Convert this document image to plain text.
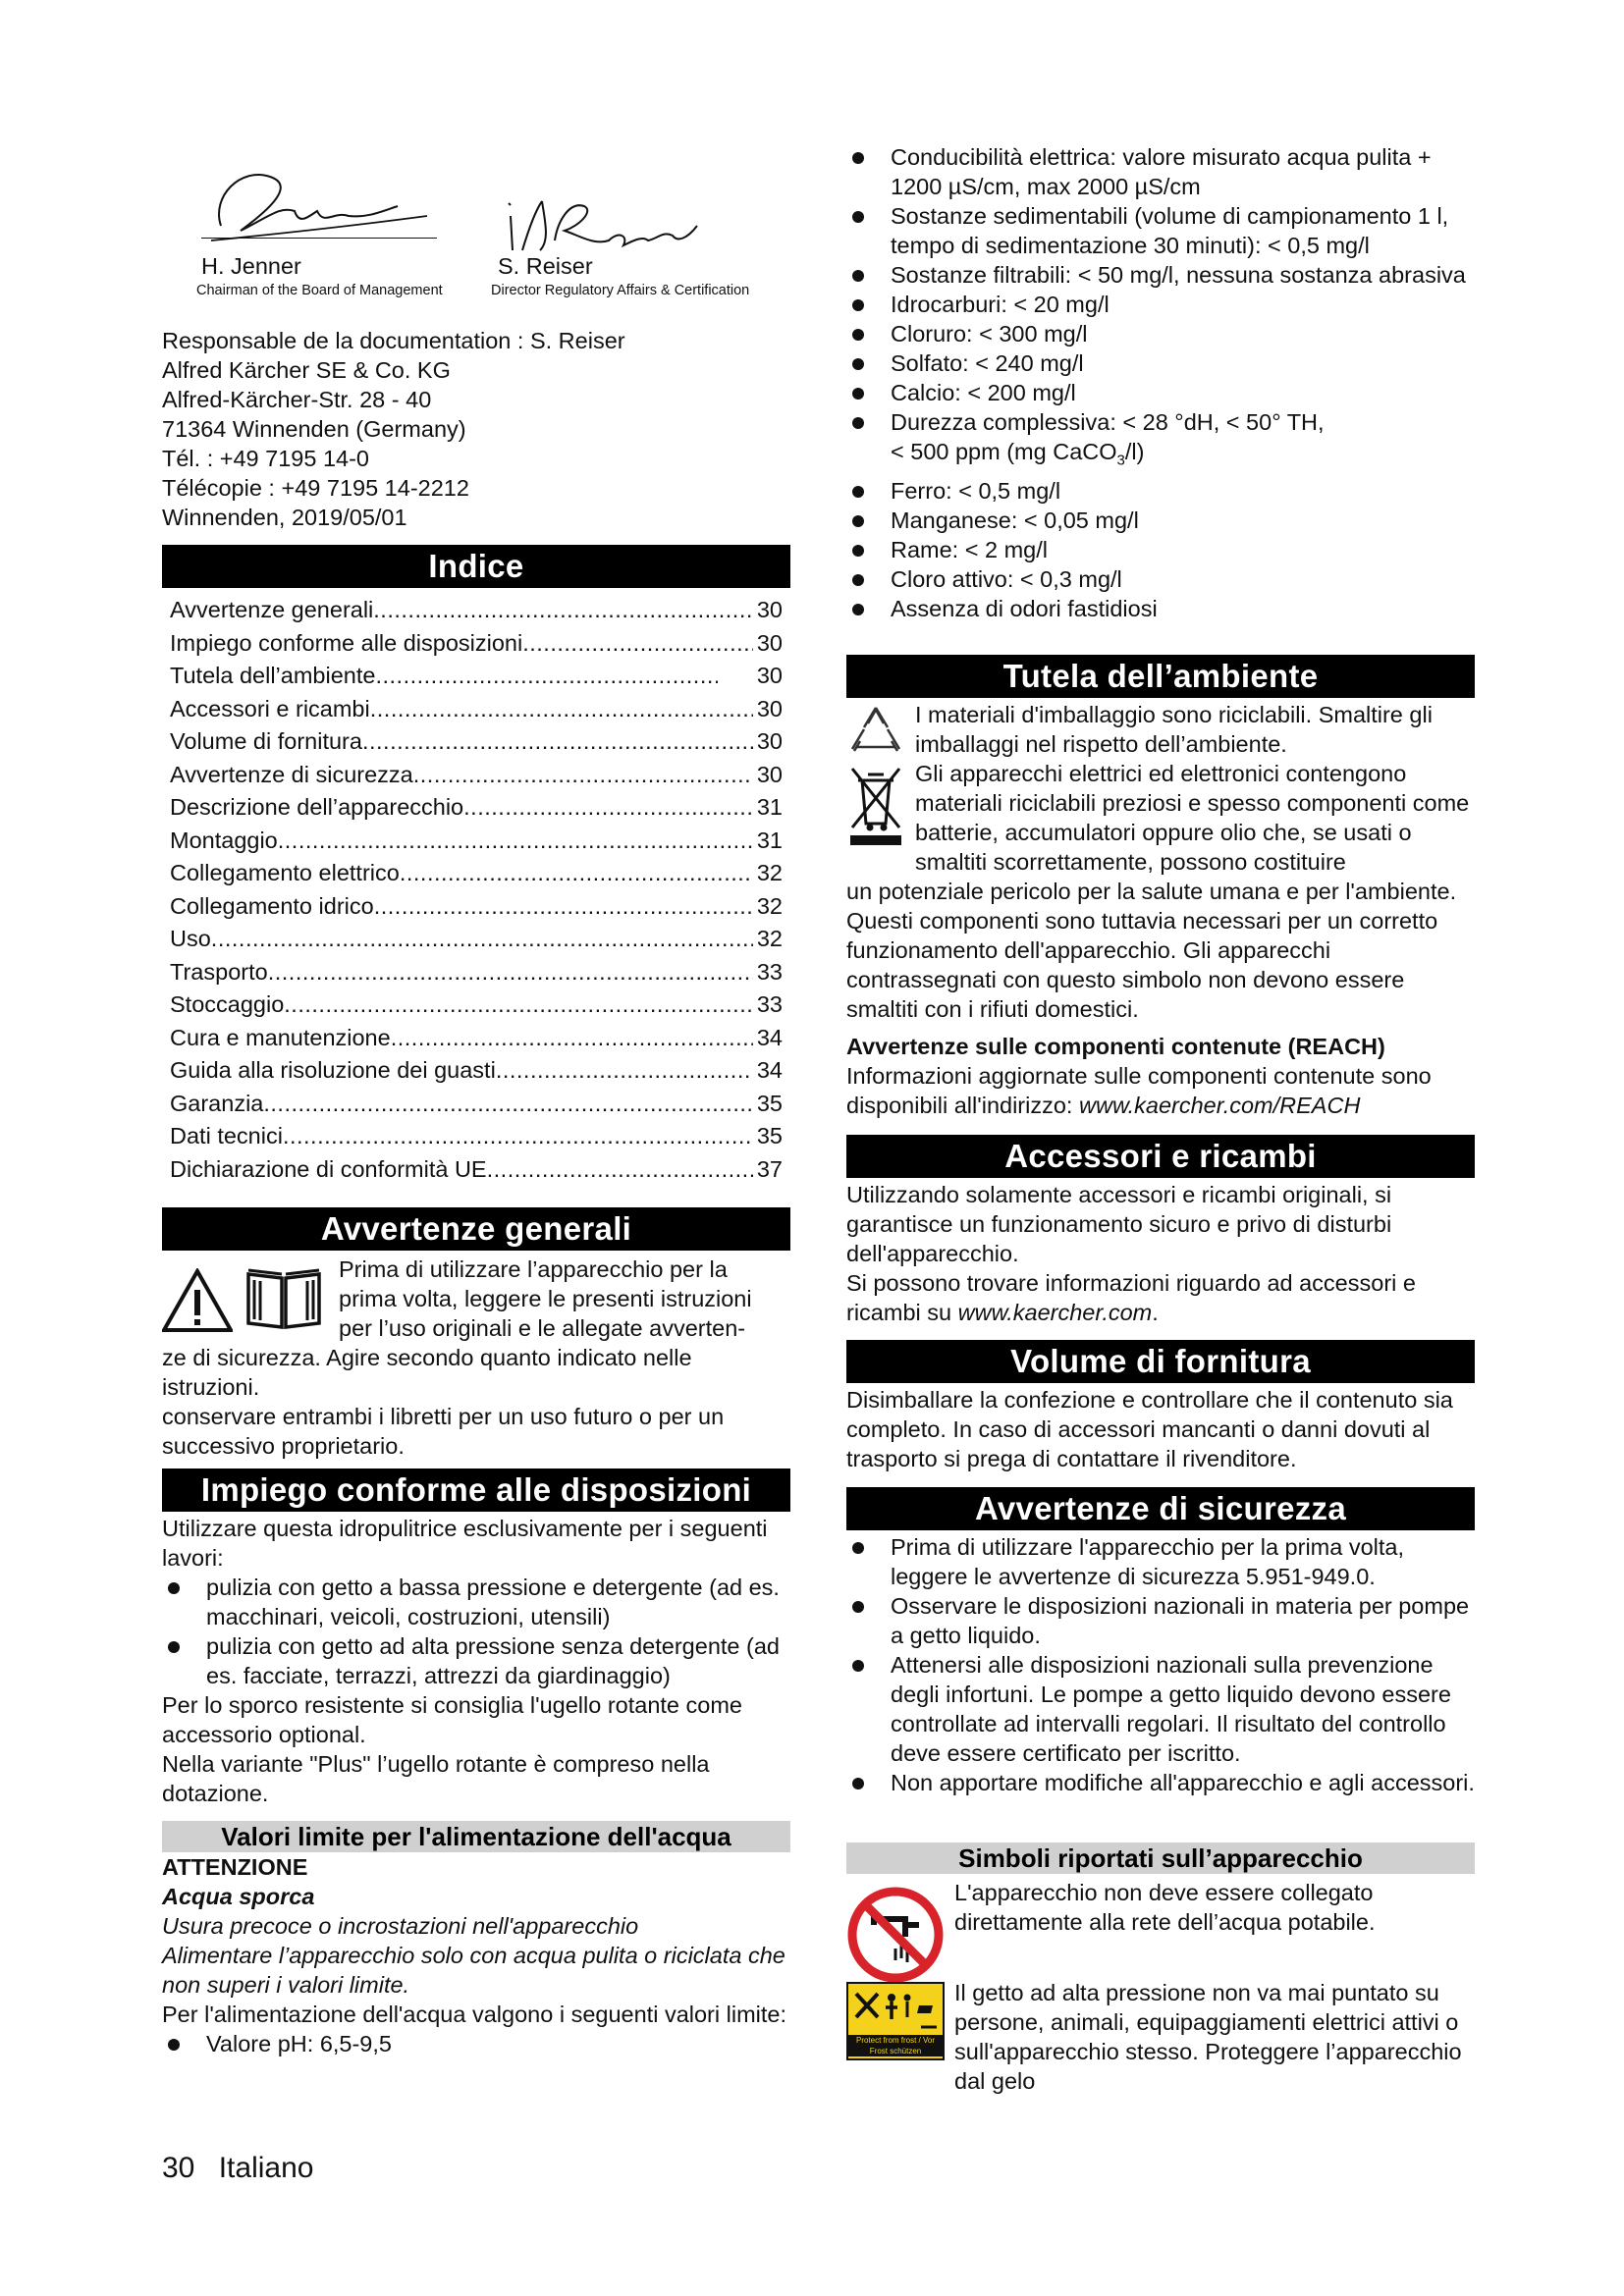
H. Jenner
Chairman of the Board of Management
S. Reiser
Director Regulatory Affairs & Certification

Responsable de la documentation : S. Reiser

Alfred Kärcher SE & Co. KG

Alfred-Kärcher-Str. 28 - 40

71364 Winnenden (Germany)

Tél. : +49 7195 14-0

Télécopie : +49 7195 14-2212

Winnenden, 2019/05/01

Indice
Avvertenze generali .....	30
Impiego conforme alle disposizioni .....	30
Tutela dell’ambiente .....	30
Accessori e ricambi .....	30
Volume di fornitura .....	30
Avvertenze di sicurezza .....	30
Descrizione dell’apparecchio .....	31
Montaggio .....	31
Collegamento elettrico .....	32
Collegamento idrico .....	32
Uso .....	32
Trasporto .....	33
Stoccaggio .....	33
Cura e manutenzione .....	34
Guida alla risoluzione dei guasti .....	34
Garanzia .....	35
Dati tecnici .....	35
Dichiarazione di conformità UE .....	37
Avvertenze generali

Prima di utilizzare l’apparecchio per la prima volta, leggere le presenti istruzioni per l’uso originali e le allegate avverten-

ze di sicurezza. Agire secondo quanto indicato nelle istruzioni.

conservare entrambi i libretti per un uso futuro o per un successivo proprietario.

Impiego conforme alle disposizioni

Utilizzare questa idropulitrice esclusivamente per i seguenti lavori:

pulizia con getto a bassa pressione e detergente (ad es. macchinari, veicoli, costruzioni, utensili)
pulizia con getto ad alta pressione senza detergente (ad es. facciate, terrazzi, attrezzi da giardinaggio)

Per lo sporco resistente si consiglia l'ugello rotante come accessorio optional.

Nella variante "Plus" l’ugello rotante è compreso nella dotazione.

Valori limite per l'alimentazione dell'acqua

ATTENZIONE

Acqua sporca

Usura precoce o incrostazioni nell'apparecchio

Alimentare l’apparecchio solo con acqua pulita o riciclata che non superi i valori limite.

Per l'alimentazione dell'acqua valgono i seguenti valori limite:

Valore pH: 6,5-9,5
30 Italiano
Conducibilità elettrica: valore misurato acqua pulita + 1200 µS/cm, max 2000 µS/cm
Sostanze sedimentabili (volume di campionamento 1 l, tempo di sedimentazione 30 minuti): < 0,5 mg/l
Sostanze filtrabili: < 50 mg/l, nessuna sostanza abrasiva
Idrocarburi: < 20 mg/l
Cloruro: < 300 mg/l
Solfato: < 240 mg/l
Calcio: < 200 mg/l
Durezza complessiva: < 28 °dH, < 50° TH,
< 500 ppm (mg CaCO$_3$/l)
Ferro: < 0,5 mg/l
Manganese: < 0,05 mg/l
Rame: < 2 mg/l
Cloro attivo: < 0,3 mg/l
Assenza di odori fastidiosi
Tutela dell’ambiente

I materiali d'imballaggio sono riciclabili. Smaltire gli imballaggi nel rispetto dell’ambiente.

Gli apparecchi elettrici ed elettronici contengono materiali riciclabili preziosi e spesso componenti come batterie, accumulatori oppure olio che, se usati o smaltiti scorrettamente, possono costituire

un potenziale pericolo per la salute umana e per l'ambiente. Questi componenti sono tuttavia necessari per un corretto funzionamento dell'apparecchio. Gli apparecchi contrassegnati con questo simbolo non devono essere smaltiti con i rifiuti domestici.

Avvertenze sulle componenti contenute (REACH)

Informazioni aggiornate sulle componenti contenute sono disponibili all'indirizzo: www.kaercher.com/REACH

Accessori e ricambi

Utilizzando solamente accessori e ricambi originali, si garantisce un funzionamento sicuro e privo di disturbi dell'apparecchio.

Si possono trovare informazioni riguardo ad accessori e ricambi su www.kaercher.com.

Volume di fornitura

Disimballare la confezione e controllare che il contenuto sia completo. In caso di accessori mancanti o danni dovuti al trasporto si prega di contattare il rivenditore.

Avvertenze di sicurezza
Prima di utilizzare l'apparecchio per la prima volta, leggere le avvertenze di sicurezza 5.951-949.0.
Osservare le disposizioni nazionali in materia per pompe a getto liquido.
Attenersi alle disposizioni nazionali sulla prevenzione degli infortuni. Le pompe a getto liquido devono essere controllate ad intervalli regolari. Il risultato del controllo deve essere certificato per iscritto.
Non apportare modifiche all'apparecchio e agli accessori.
Simboli riportati sull’apparecchio

L'apparecchio non deve essere collegato direttamente alla rete dell’acqua potabile.

Protect from frost / Vor Frost schützen

Il getto ad alta pressione non va mai puntato su persone, animali, equipaggiamenti elettrici attivi o sull'apparecchio stesso. Proteggere l’apparecchio dal gelo
